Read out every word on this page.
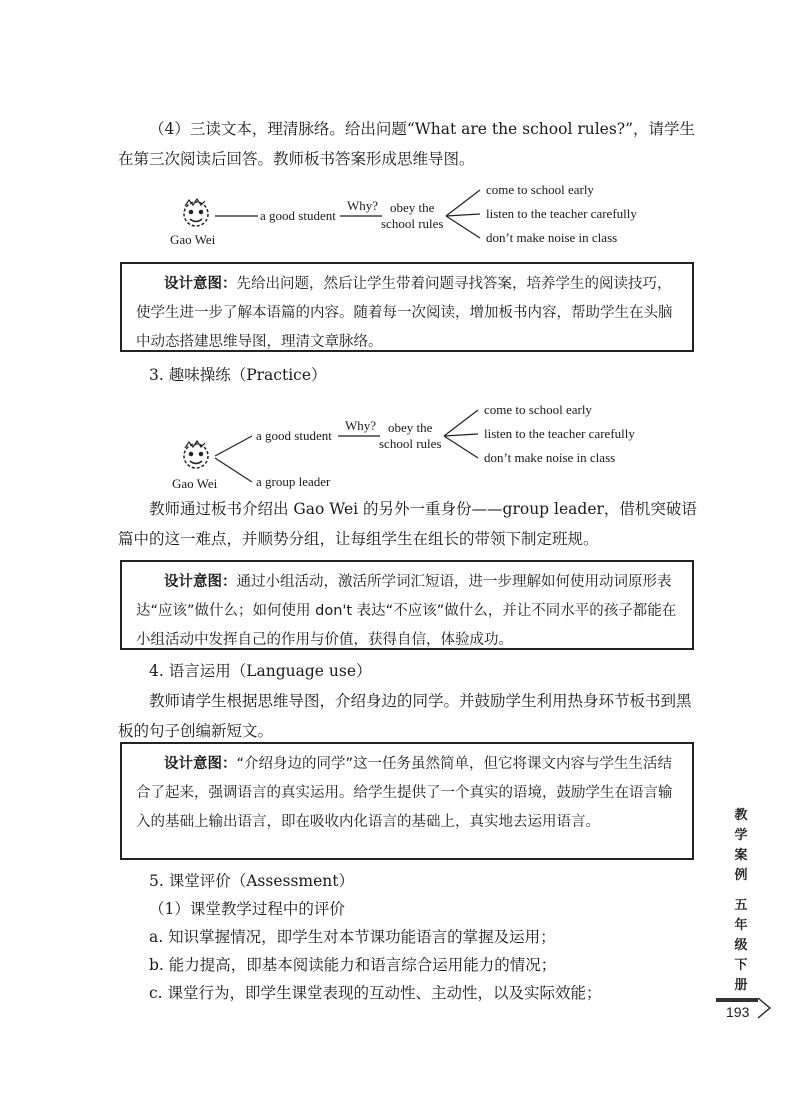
（4）三读文本，理清脉络。给出问题“What are the school rules?”，请学生在第三次阅读后回答。教师板书答案形成思维导图。

Gao Wei
a good student
Why? obey the
school rules
come to school early
listen to the teacher carefully
don’t make noise in class
设计意图：先给出问题，然后让学生带着问题寻找答案，培养学生的阅读技巧，使学生进一步了解本语篇的内容。随着每一次阅读，增加板书内容，帮助学生在头脑中动态搭建思维导图，理清文章脉络。

3. 趣味操练（Practice）

Gao Wei
a good student
a group leader
Why? obey the
school rules
come to school early
listen to the teacher carefully
don’t make noise in class

教师通过板书介绍出 Gao Wei 的另外一重身份——group leader，借机突破语篇中的这一难点，并顺势分组，让每组学生在组长的带领下制定班规。

设计意图：通过小组活动，激活所学词汇短语，进一步理解如何使用动词原形表达“应该”做什么；如何使用 don't 表达“不应该”做什么，并让不同水平的孩子都能在小组活动中发挥自己的作用与价值，获得自信，体验成功。

4. 语言运用（Language use）

教师请学生根据思维导图，介绍身边的同学。并鼓励学生利用热身环节板书到黑板的句子创编新短文。

设计意图：“介绍身边的同学”这一任务虽然简单，但它将课文内容与学生生活结合了起来，强调语言的真实运用。给学生提供了一个真实的语境，鼓励学生在语言输入的基础上输出语言，即在吸收内化语言的基础上，真实地去运用语言。

5. 课堂评价（Assessment）

（1）课堂教学过程中的评价

a. 知识掌握情况，即学生对本节课功能语言的掌握及运用；

b. 能力提高，即基本阅读能力和语言综合运用能力的情况；

c. 课堂行为，即学生课堂表现的互动性、主动性，以及实际效能；

教
学
案
例
五
年
级
下
册
193
